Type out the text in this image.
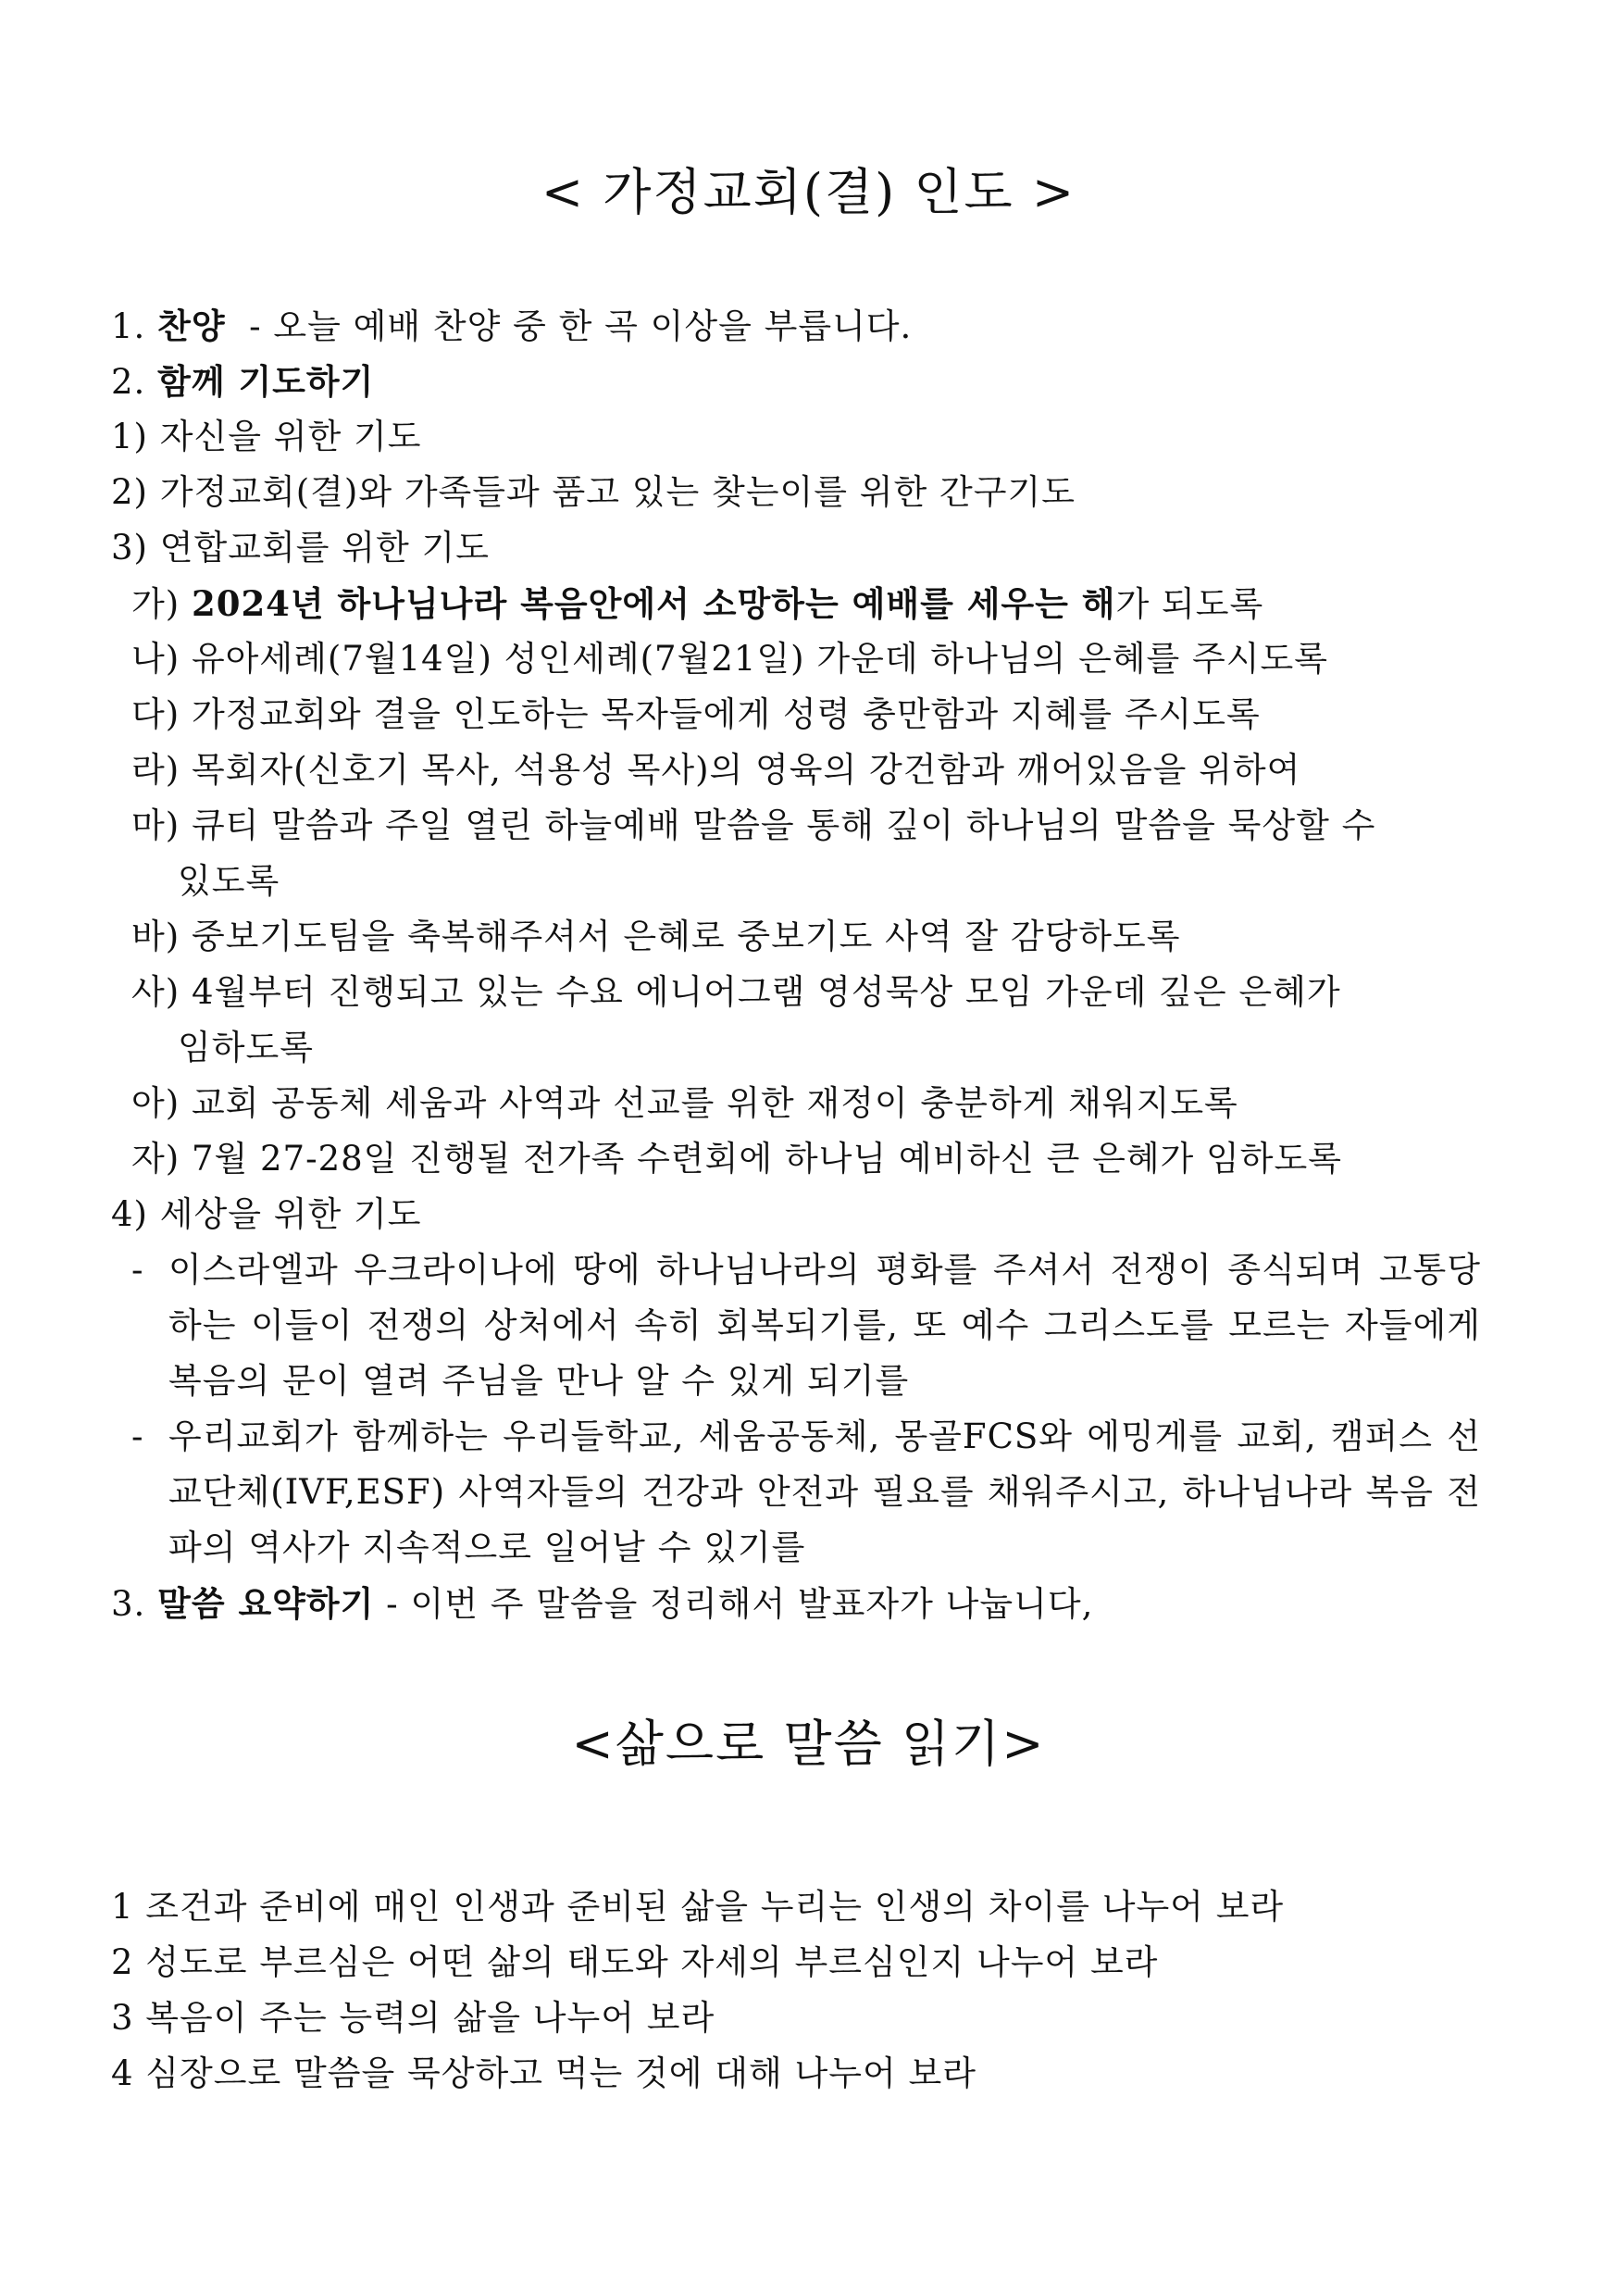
< 가정교회(결) 인도 >
1. 찬양  - 오늘 예배 찬양 중 한 곡 이상을 부릅니다.
2. 함께 기도하기
1) 자신을 위한 기도
2) 가정교회(결)와 가족들과 품고 있는 찾는이를 위한 간구기도
3) 연합교회를 위한 기도
가) 2024년 하나님나라 복음안에서 소망하는 예배를 세우는 해가 되도록
나) 유아세례(7월14일) 성인세례(7월21일) 가운데 하나님의 은혜를 주시도록
다) 가정교회와 결을 인도하는 목자들에게 성령 충만함과 지혜를 주시도록
라) 목회자(신호기 목사, 석용성 목사)의 영육의 강건함과 깨어있음을 위하여
마) 큐티 말씀과 주일 열린 하늘예배 말씀을 통해 깊이 하나님의 말씀을 묵상할 수
있도록
바) 중보기도팀을 축복해주셔서 은혜로 중보기도 사역 잘 감당하도록
사) 4월부터 진행되고 있는 수요 에니어그램 영성묵상 모임 가운데 깊은 은혜가
임하도록
아) 교회 공동체 세움과 사역과 선교를 위한 재정이 충분하게 채워지도록
자) 7월 27-28일 진행될 전가족 수련회에 하나님 예비하신 큰 은혜가 임하도록
4) 세상을 위한 기도
- 이스라엘과 우크라이나에 땅에 하나님나라의 평화를 주셔서 전쟁이 종식되며 고통당하는 이들이 전쟁의 상처에서 속히 회복되기를, 또 예수 그리스도를 모르는 자들에게 복음의 문이 열려 주님을 만나 알 수 있게 되기를
- 우리교회가 함께하는 우리들학교, 세움공동체, 몽골FCS와 에밍게를 교회, 캠퍼스 선교단체(IVF,ESF) 사역자들의 건강과 안전과 필요를 채워주시고, 하나님나라 복음 전파의 역사가 지속적으로 일어날 수 있기를
3. 말씀 요약하기 - 이번 주 말씀을 정리해서 발표자가 나눕니다,
<삶으로 말씀 읽기>
1 조건과 준비에 매인 인생과 준비된 삶을 누리는 인생의 차이를 나누어 보라
2 성도로 부르심은 어떤 삶의 태도와 자세의 부르심인지 나누어 보라
3 복음이 주는 능력의 삶을 나누어 보라
4 심장으로 말씀을 묵상하고 먹는 것에 대해 나누어 보라
